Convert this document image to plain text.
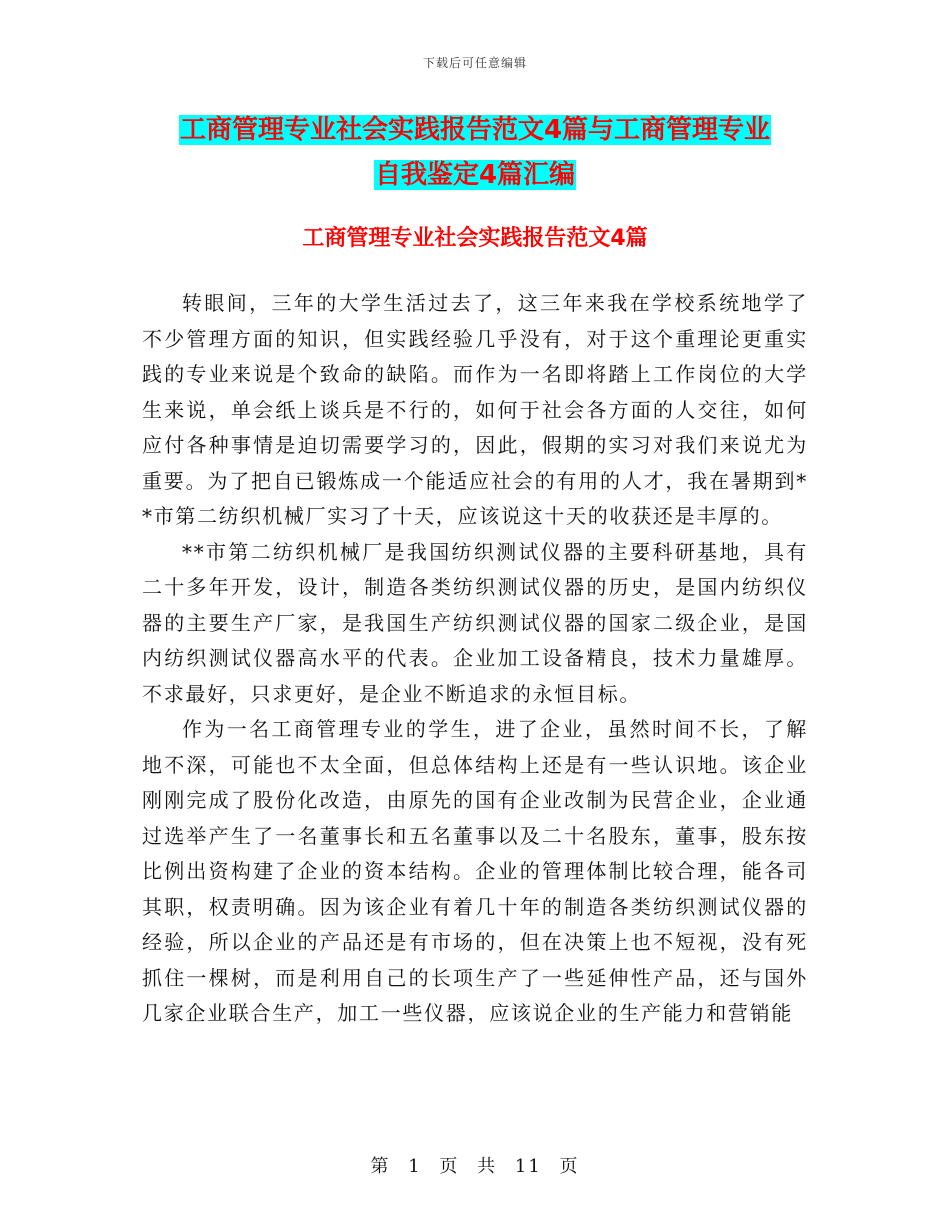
下载后可任意编辑
工商管理专业社会实践报告范文4篇与工商管理专业
自我鉴定4篇汇编
工商管理专业社会实践报告范文4篇

转眼间，三年的大学生活过去了，这三年来我在学校系统地学了不少管理方面的知识，但实践经验几乎没有，对于这个重理论更重实践的专业来说是个致命的缺陷。而作为一名即将踏上工作岗位的大学生来说，单会纸上谈兵是不行的，如何于社会各方面的人交往，如何应付各种事情是迫切需要学习的，因此，假期的实习对我们来说尤为重要。为了把自已锻炼成一个能适应社会的有用的人才，我在暑期到**市第二纺织机械厂实习了十天，应该说这十天的收获还是丰厚的。

**市第二纺织机械厂是我国纺织测试仪器的主要科研基地，具有二十多年开发，设计，制造各类纺织测试仪器的历史，是国内纺织仪器的主要生产厂家，是我国生产纺织测试仪器的国家二级企业，是国内纺织测试仪器高水平的代表。企业加工设备精良，技术力量雄厚。不求最好，只求更好，是企业不断追求的永恒目标。

作为一名工商管理专业的学生，进了企业，虽然时间不长，了解地不深，可能也不太全面，但总体结构上还是有一些认识地。该企业刚刚完成了股份化改造，由原先的国有企业改制为民营企业，企业通过选举产生了一名董事长和五名董事以及二十名股东，董事，股东按比例出资构建了企业的资本结构。企业的管理体制比较合理，能各司其职，权责明确。因为该企业有着几十年的制造各类纺织测试仪器的经验，所以企业的产品还是有市场的，但在决策上也不短视，没有死抓住一棵树，而是利用自己的长项生产了一些延伸性产品，还与国外几家企业联合生产，加工一些仪器，应该说企业的生产能力和营销能

第 1 页 共 11 页
